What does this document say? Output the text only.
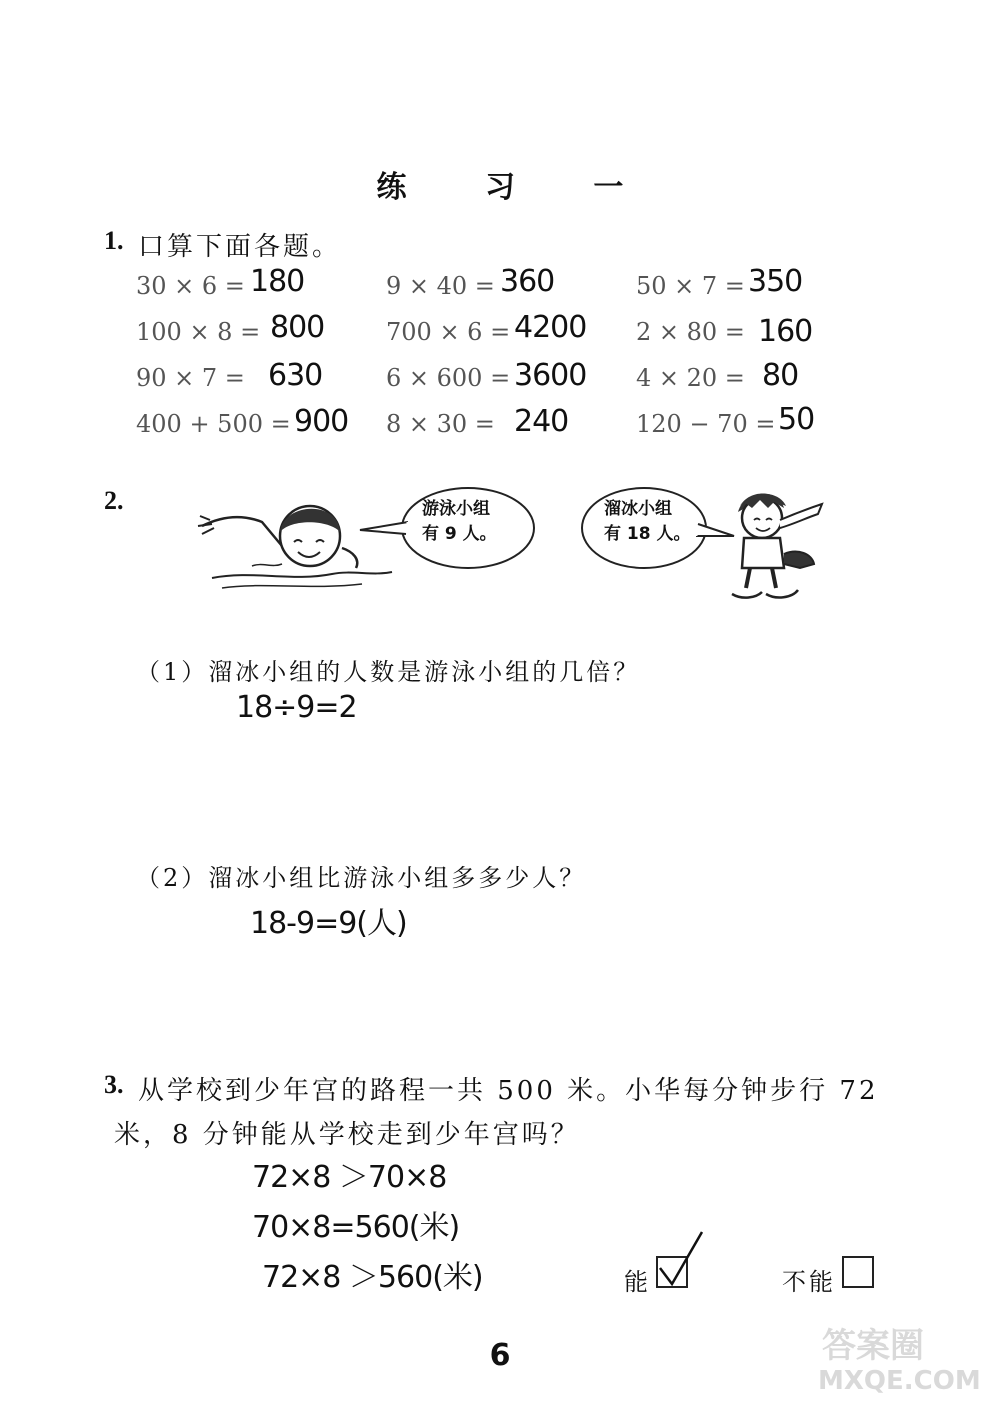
练 习 一
1. 口算下面各题。
30 × 6 = 180	9 × 40 = 360	50 × 7 = 350
100 × 8 = 800	700 × 6 = 4200 2 × 80 = 160
90 × 7 = 630	6 × 600 = 3600 4 × 20 = 80
400 + 500 = 900 8 × 30 = 240	120 − 70 = 50
2.	游泳小组
有 9 人。
溜冰小组
有 18 人。
（1）溜冰小组的人数是游泳小组的几倍？
18÷9=2
（2）溜冰小组比游泳小组多多少人？
18-9=9(人)
3. 从学校到少年宫的路程一共 500 米。小华每分钟步行 72
米，8 分钟能从学校走到少年宫吗？
72×8 ＞70×8
70×8=560(米)
72×8 ＞560(米)	能	不能
6	答案圈
MXQE.COM
